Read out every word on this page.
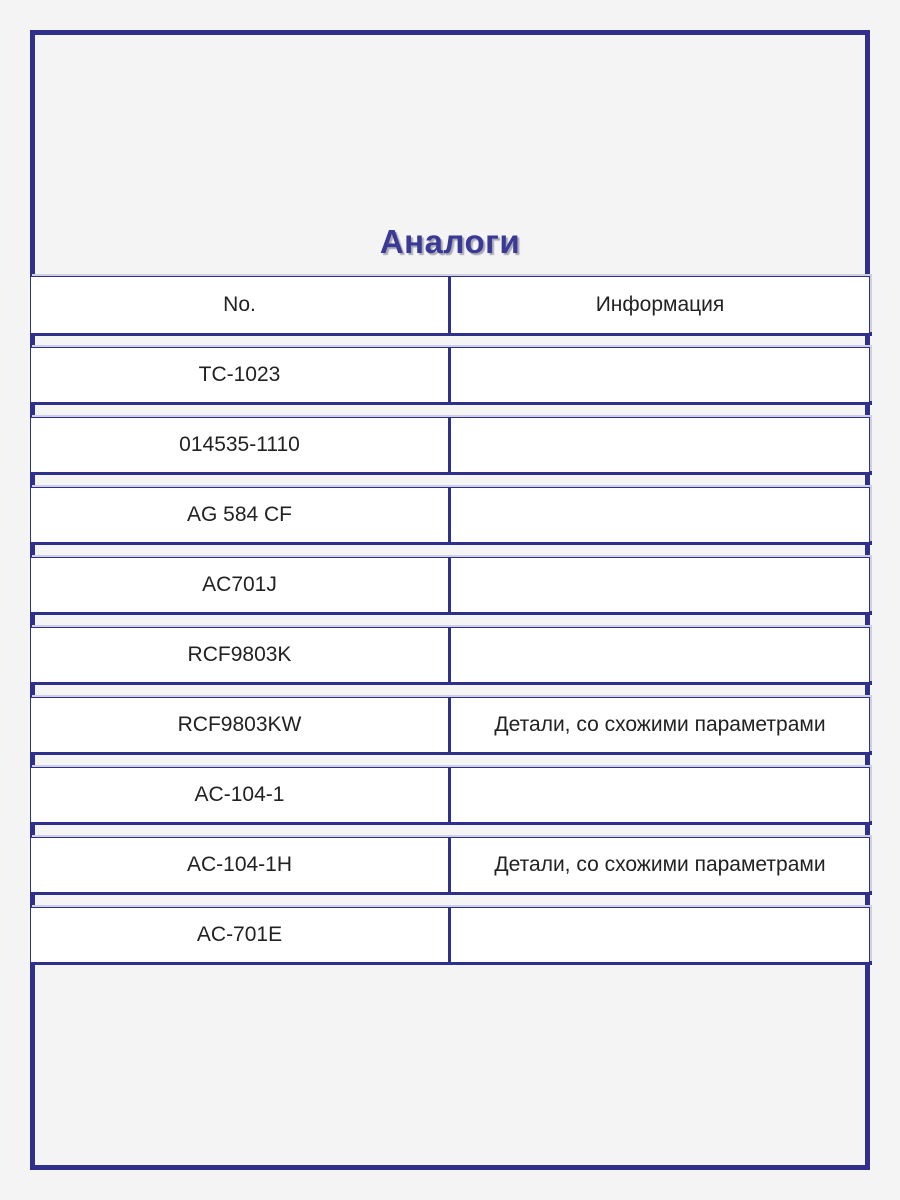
Аналоги
No.	Информация
TC-1023
014535-1110
AG 584 CF
AC701J
RCF9803K
RCF9803KW	Детали, со схожими параметрами
AC-104-1
AC-104-1H	Детали, со схожими параметрами
AC-701E
